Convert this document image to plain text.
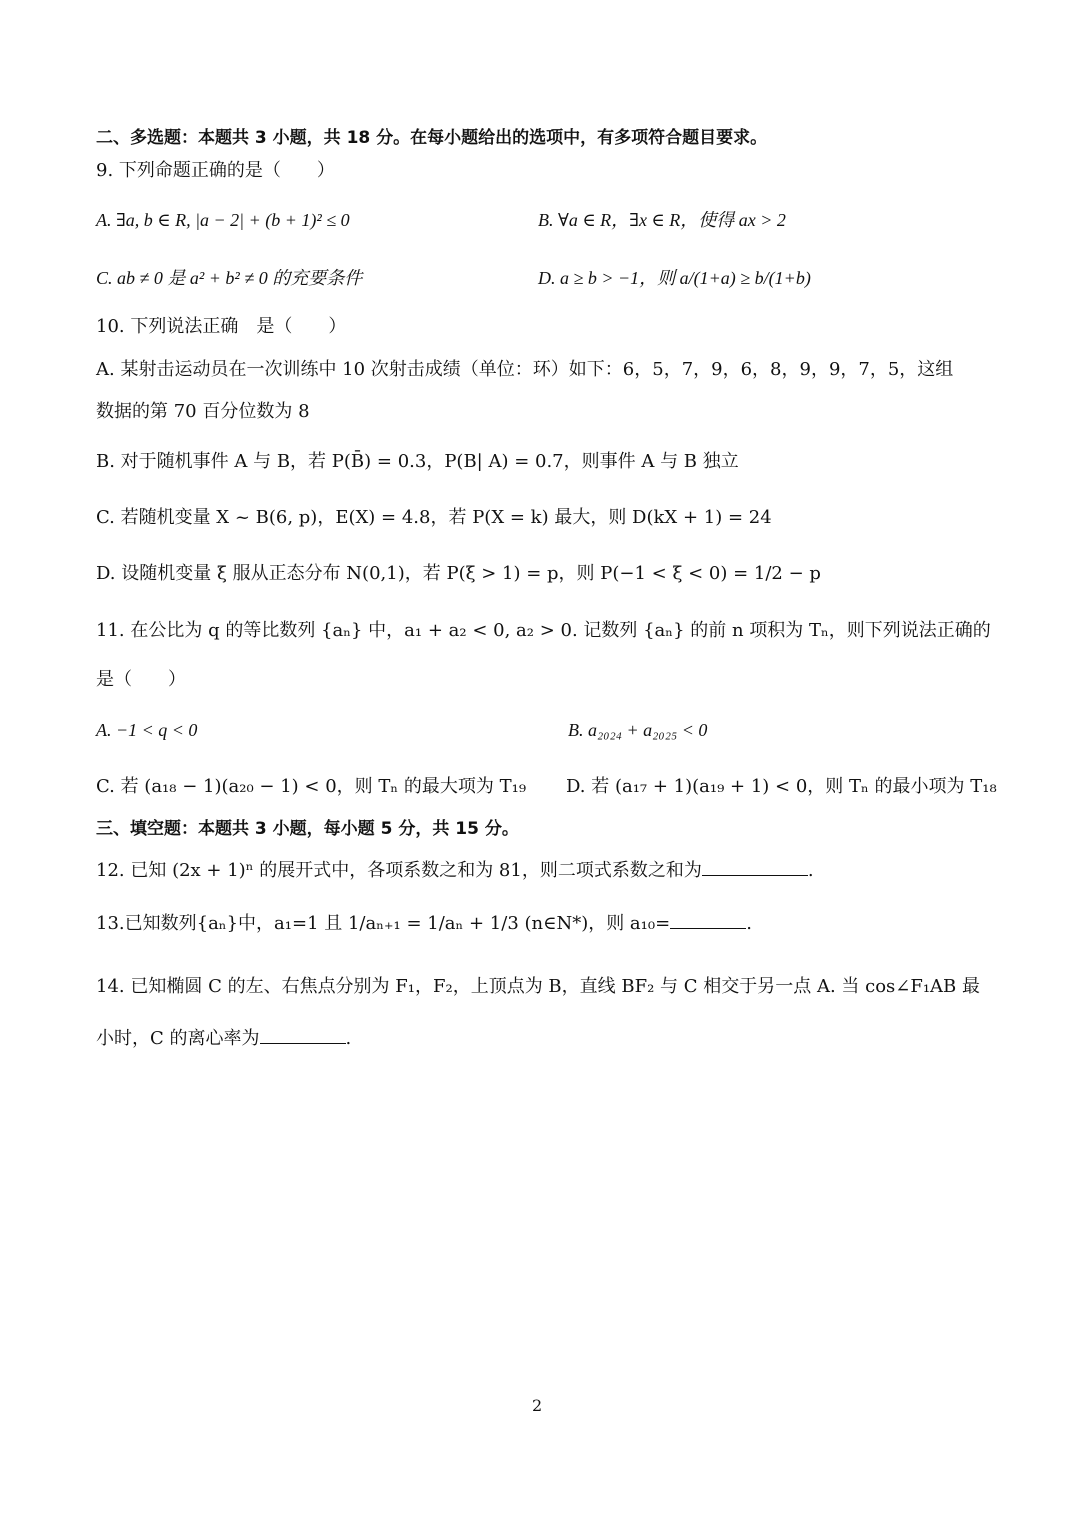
二、多选题：本题共 3 小题，共 18 分。在每小题给出的选项中，有多项符合题目要求。
9. 下列命题正确的是（　　）
A. ∃a, b ∈ R, |a − 2| + (b + 1)² ≤ 0	B. ∀a ∈ R，∃x ∈ R，使得 ax > 2
C. ab ≠ 0 是 a² + b² ≠ 0 的充要条件	D. a ≥ b > −1，则 a/(1+a) ≥ b/(1+b)
10. 下列说法正确　是（　　）
A. 某射击运动员在一次训练中 10 次射击成绩（单位：环）如下：6，5，7，9，6，8，9，9，7，5，这组
数据的第 70 百分位数为 8
B. 对于随机事件 A 与 B，若 P(B̄) = 0.3，P(B| A) = 0.7，则事件 A 与 B 独立
C. 若随机变量 X ~ B(6, p)，E(X) = 4.8，若 P(X = k) 最大，则 D(kX + 1) = 24
D. 设随机变量 ξ 服从正态分布 N(0,1)，若 P(ξ > 1) = p，则 P(−1 < ξ < 0) = 1/2 − p
11. 在公比为 q 的等比数列 {aₙ} 中，a₁ + a₂ < 0, a₂ > 0. 记数列 {aₙ} 的前 n 项积为 Tₙ，则下列说法正确的
是（　　）
A. −1 < q < 0	B. a₂₀₂₄ + a₂₀₂₅ < 0
C. 若 (a₁₈ − 1)(a₂₀ − 1) < 0，则 Tₙ 的最大项为 T₁₉ D. 若 (a₁₇ + 1)(a₁₉ + 1) < 0，则 Tₙ 的最小项为 T₁₈
三、填空题：本题共 3 小题，每小题 5 分，共 15 分。
12. 已知 (2x + 1)ⁿ 的展开式中，各项系数之和为 81，则二项式系数之和为	.
13.已知数列{aₙ}中，a₁=1 且 1/aₙ₊₁ = 1/aₙ + 1/3 (n∈N*)，则 a₁₀=	.
14. 已知椭圆 C 的左、右焦点分别为 F₁，F₂，上顶点为 B，直线 BF₂ 与 C 相交于另一点 A. 当 cos∠F₁AB 最
小时，C 的离心率为	.
2
